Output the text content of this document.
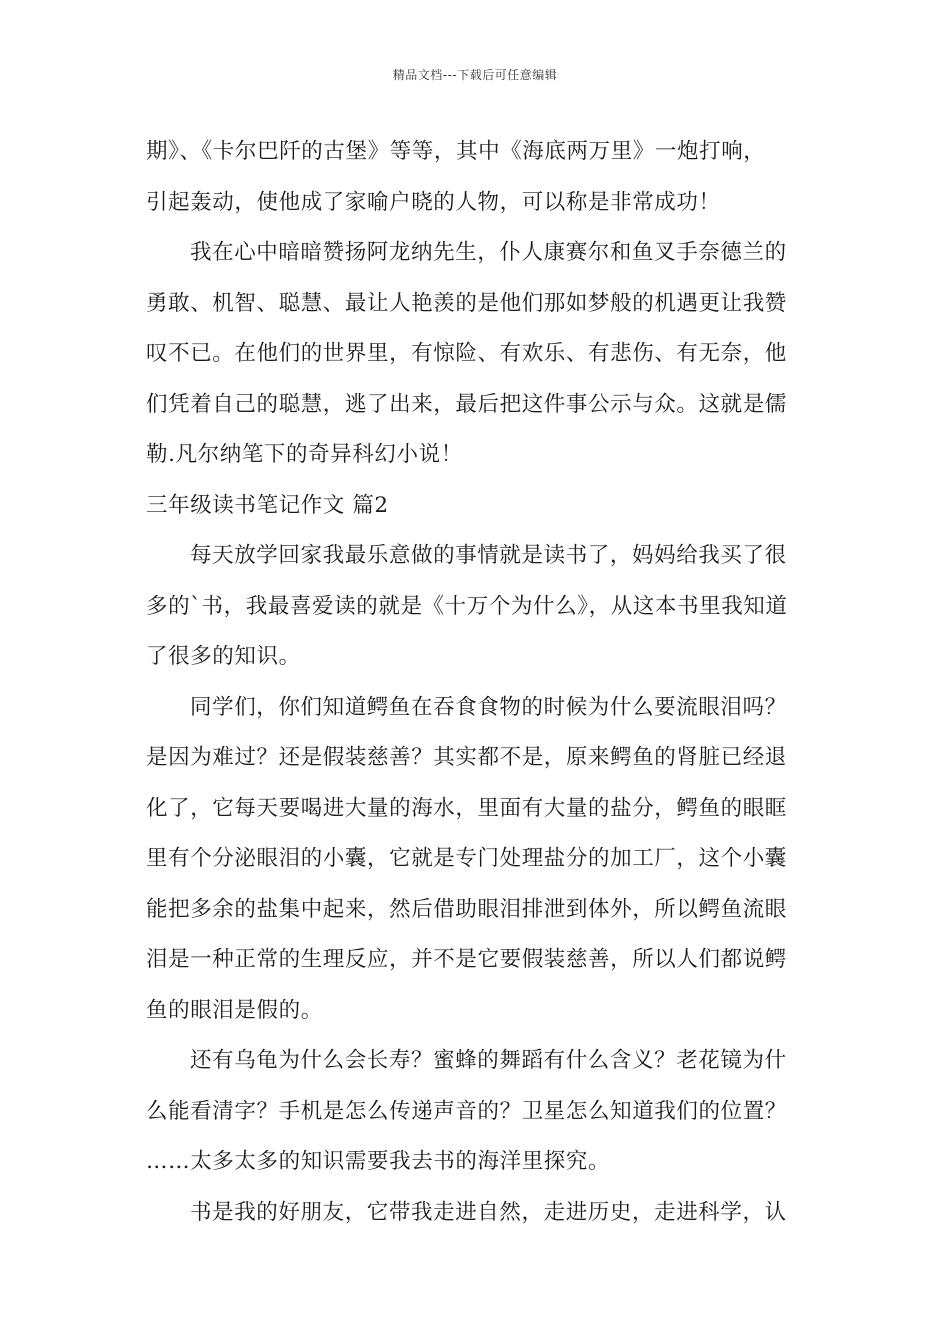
精品文档---下载后可任意编辑
期》、《卡尔巴阡的古堡》等等，其中《海底两万里》一炮打响，
引起轰动，使他成了家喻户晓的人物，可以称是非常成功！
我在心中暗暗赞扬阿龙纳先生，仆人康赛尔和鱼叉手奈德兰的
勇敢、机智、聪慧、最让人艳羡的是他们那如梦般的机遇更让我赞
叹不已。在他们的世界里，有惊险、有欢乐、有悲伤、有无奈，他
们凭着自己的聪慧，逃了出来，最后把这件事公示与众。这就是儒
勒.凡尔纳笔下的奇异科幻小说！
三年级读书笔记作文 篇2
每天放学回家我最乐意做的事情就是读书了，妈妈给我买了很
多的`书，我最喜爱读的就是《十万个为什么》，从这本书里我知道
了很多的知识。
同学们，你们知道鳄鱼在吞食食物的时候为什么要流眼泪吗？
是因为难过？还是假装慈善？其实都不是，原来鳄鱼的肾脏已经退
化了，它每天要喝进大量的海水，里面有大量的盐分，鳄鱼的眼眶
里有个分泌眼泪的小囊，它就是专门处理盐分的加工厂，这个小囊
能把多余的盐集中起来，然后借助眼泪排泄到体外，所以鳄鱼流眼
泪是一种正常的生理反应，并不是它要假装慈善，所以人们都说鳄
鱼的眼泪是假的。
还有乌龟为什么会长寿？蜜蜂的舞蹈有什么含义？老花镜为什
么能看清字？手机是怎么传递声音的？卫星怎么知道我们的位置？
……太多太多的知识需要我去书的海洋里探究。
书是我的好朋友，它带我走进自然，走进历史，走进科学，认
